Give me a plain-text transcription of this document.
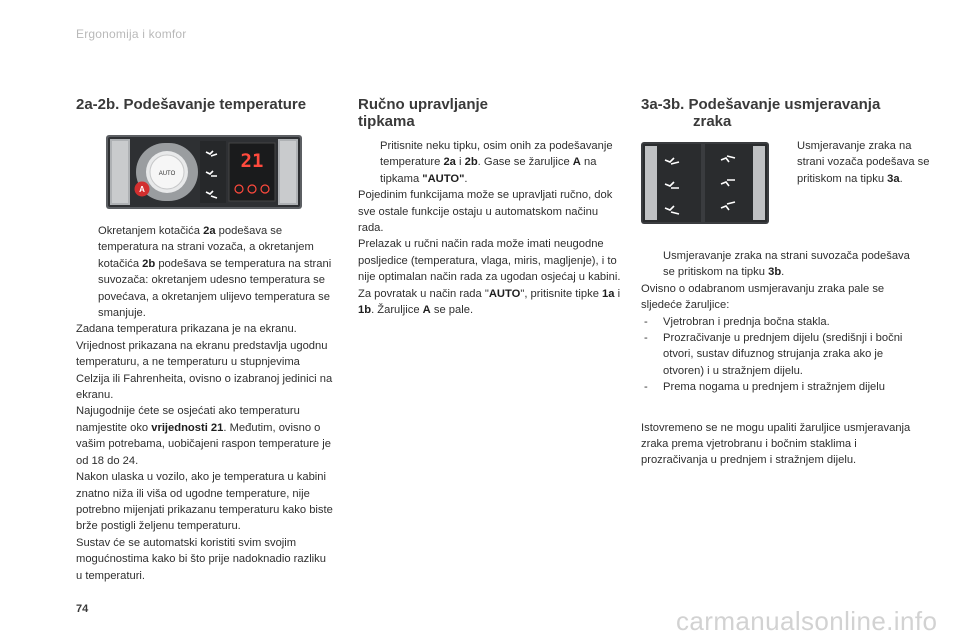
Ergonomija i komfor
2a-2b. Podešavanje temperature
AUTO
A
21
Okretanjem kotačića 2a podešava se temperatura na strani vozača, a okretanjem kotačića 2b podešava se temperatura na strani suvozača: okretanjem udesno temperatura se povećava, a okretanjem ulijevo temperatura se smanjuje.

Zadana temperatura prikazana je na ekranu.

Vrijednost prikazana na ekranu predstavlja ugodnu temperaturu, a ne temperaturu u stupnjevima Celzija ili Fahrenheita, ovisno o izabranoj jedinici na ekranu.

Najugodnije ćete se osjećati ako temperaturu namjestite oko vrijednosti 21. Međutim, ovisno o vašim potrebama, uobičajeni raspon temperature je od 18 do 24.

Nakon ulaska u vozilo, ako je temperatura u kabini znatno niža ili viša od ugodne temperature, nije potrebno mijenjati prikazanu temperaturu kako biste brže postigli željenu temperaturu.

Sustav će se automatski koristiti svim svojim mogućnostima kako bi što prije nadoknadio razliku u temperaturi.

Ručno upravljanje
tipkama
Pritisnite neku tipku, osim onih za podešavanje temperature 2a i 2b. Gase se žaruljice A na tipkama "AUTO".

Pojedinim funkcijama može se upravljati ručno, dok sve ostale funkcije ostaju u automatskom načinu rada.

Prelazak u ručni način rada može imati neugodne posljedice (temperatura, vlaga, miris, magljenje), i to nije optimalan način rada za ugodan osjećaj u kabini.

Za povratak u način rada "AUTO", pritisnite tipke 1a i 1b. Žaruljice A se pale.

3a-3b. Podešavanje usmjeravanja
zraka
Usmjeravanje zraka na strani vozača podešava se pritiskom na tipku 3a.
Usmjeravanje zraka na strani suvozača podešava se pritiskom na tipku 3b.

Ovisno o odabranom usmjeravanju zraka pale se sljedeće žaruljice:

- Vjetrobran i prednja bočna stakla.
- Prozračivanje u prednjem dijelu (središnji i bočni otvori, sustav difuznog strujanja zraka ako je otvoren) i u stražnjem dijelu.
- Prema nogama u prednjem i stražnjem dijelu

Istovremeno se ne mogu upaliti žaruljice usmjeravanja zraka prema vjetrobranu i bočnim staklima i prozračivanja u prednjem i stražnjem dijelu.

74	carmanualsonline.info
